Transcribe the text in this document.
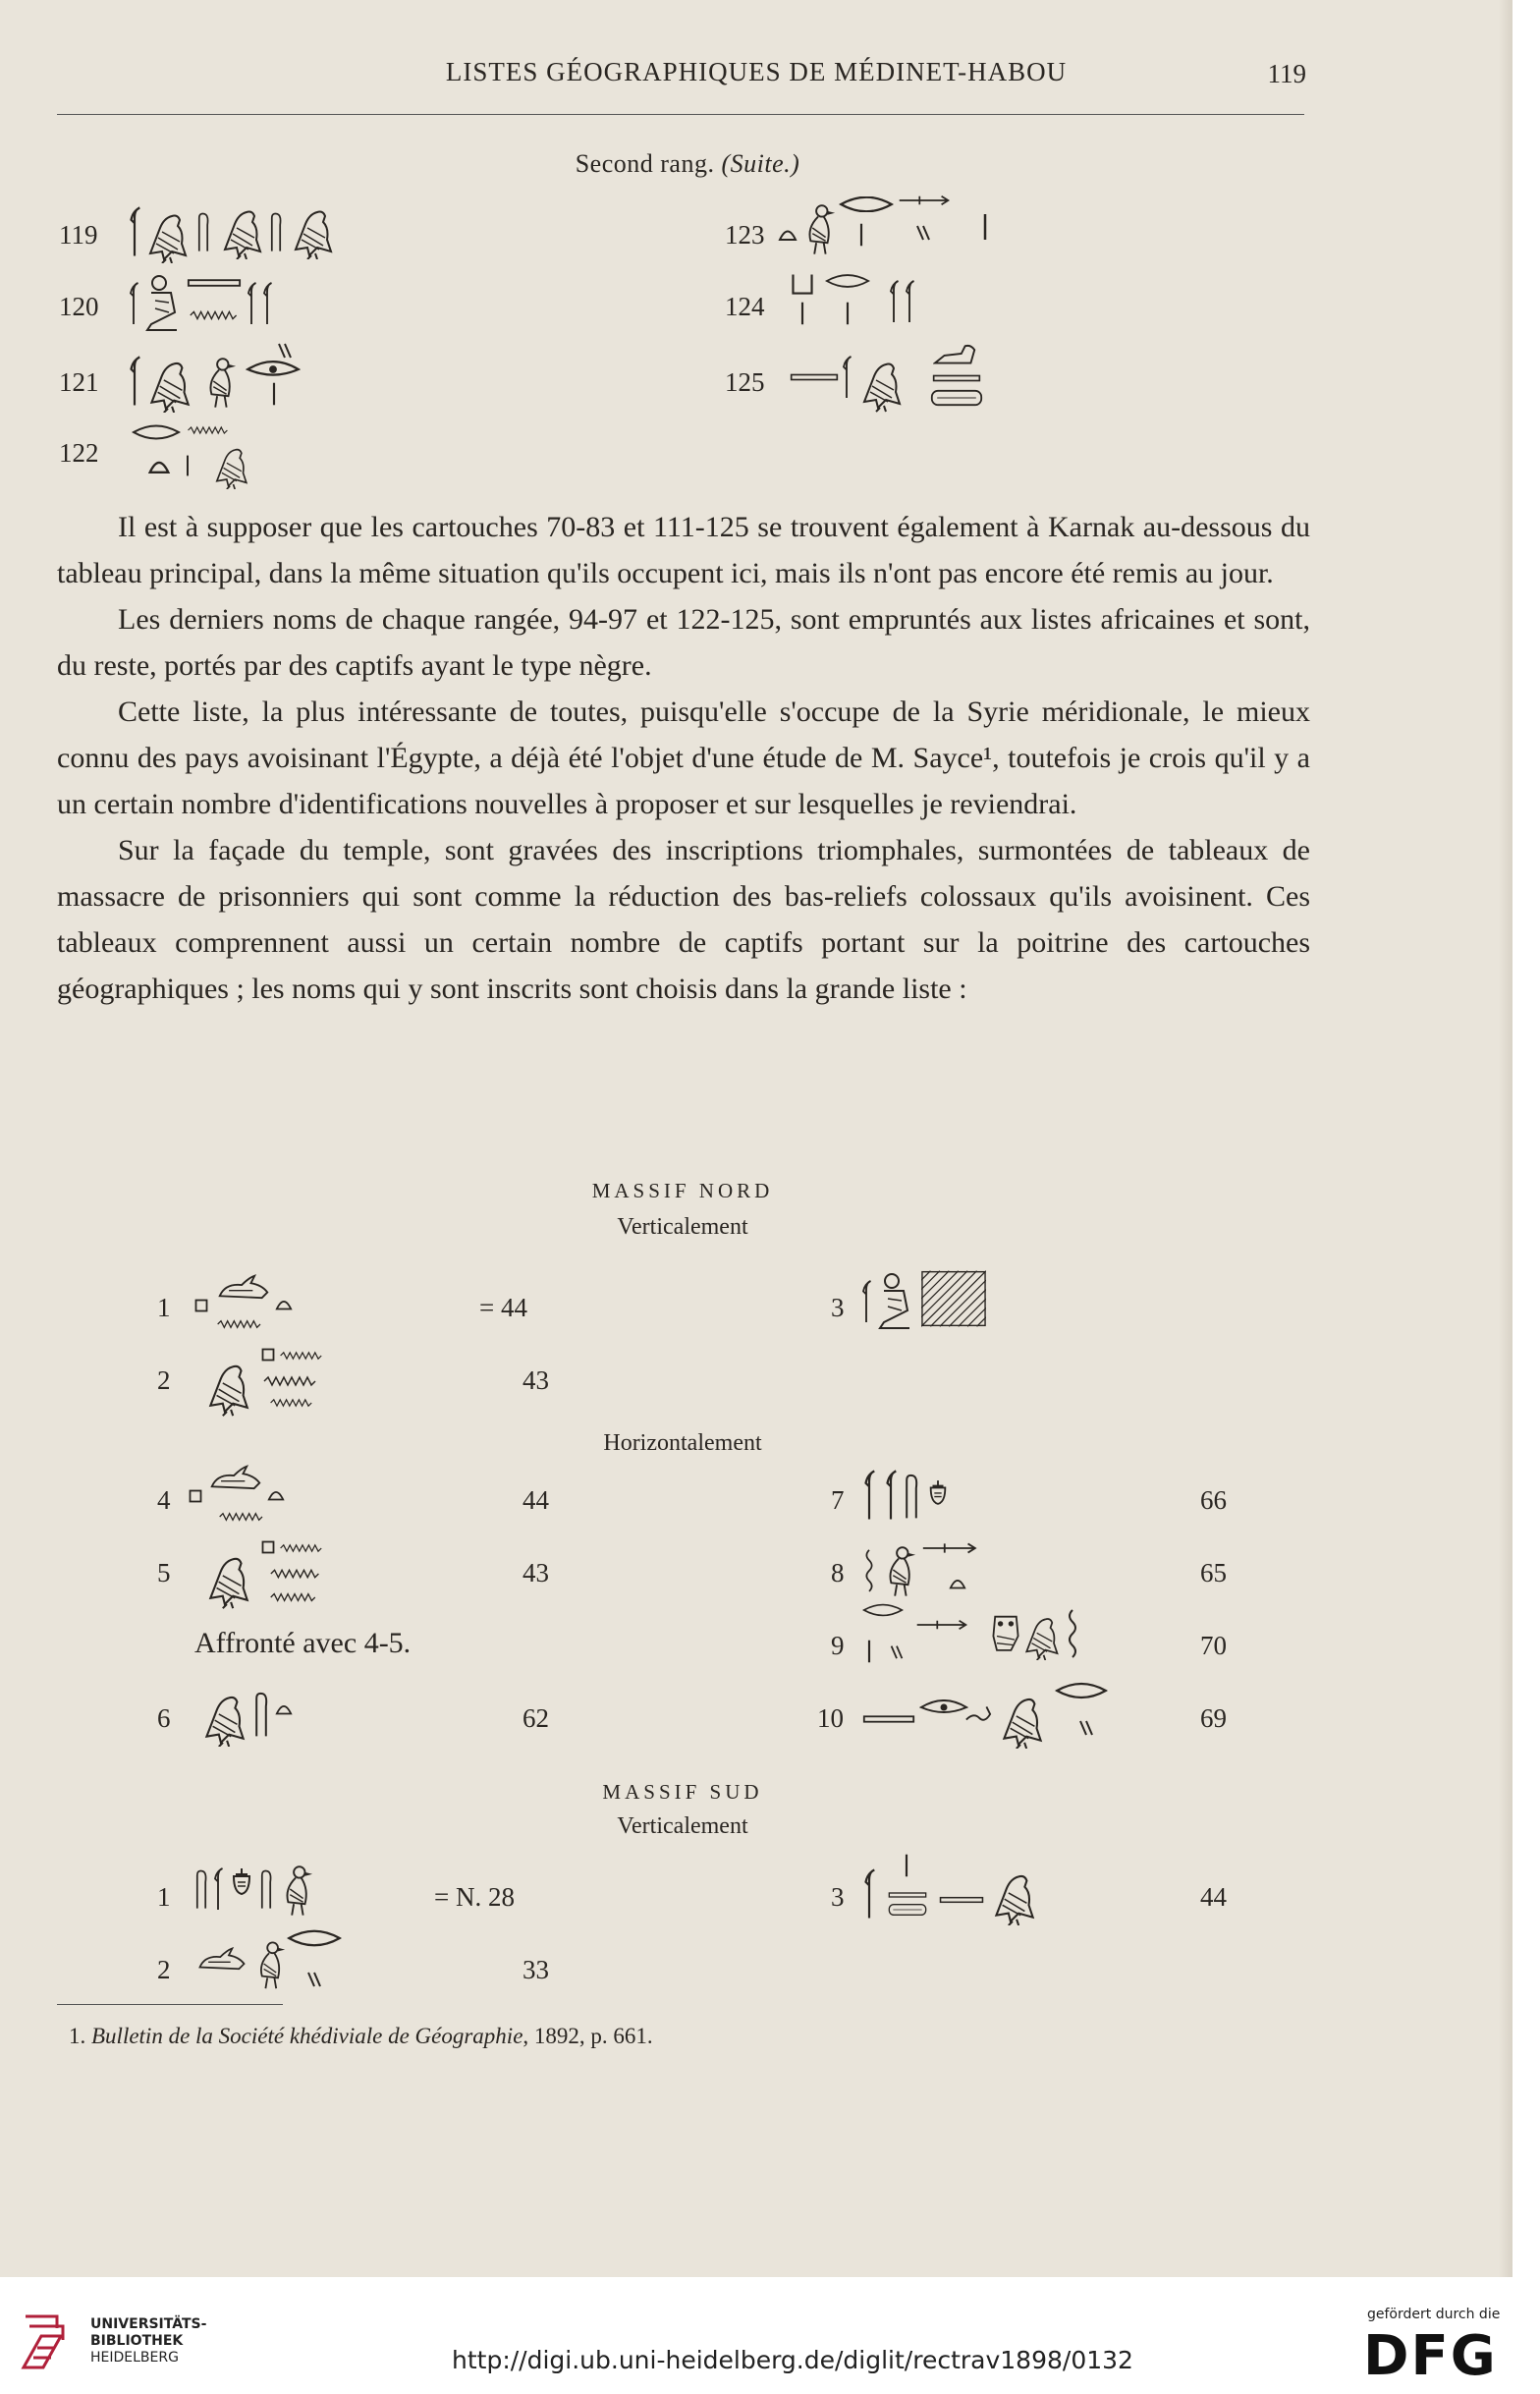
LISTES GÉOGRAPHIQUES DE MÉDINET-HABOU	119
Second rang. (Suite.)
119
120
121
122
123
124
125

Il est à supposer que les cartouches 70-83 et 111-125 se trouvent également à Karnak au-dessous du tableau principal, dans la même situation qu'ils occupent ici, mais ils n'ont pas encore été remis au jour.

Les derniers noms de chaque rangée, 94-97 et 122-125, sont empruntés aux listes africaines et sont, du reste, portés par des captifs ayant le type nègre.

Cette liste, la plus intéressante de toutes, puisqu'elle s'occupe de la Syrie méridionale, le mieux connu des pays avoisinant l'Égypte, a déjà été l'objet d'une étude de M. Sayce¹, toutefois je crois qu'il y a un certain nombre d'identifications nouvelles à proposer et sur lesquelles je reviendrai.

Sur la façade du temple, sont gravées des inscriptions triomphales, surmontées de tableaux de massacre de prisonniers qui sont comme la réduction des bas-reliefs colossaux qu'ils avoisinent. Ces tableaux comprennent aussi un certain nombre de captifs portant sur la poitrine des cartouches géographiques ; les noms qui y sont inscrits sont choisis dans la grande liste :

MASSIF NORD
Verticalement
1	= 44
2	43
3
Horizontalement
4	44
5	43
Affronté avec 4-5.
6	62
7	66
8	65
9	70
10	69
MASSIF SUD
Verticalement
1	= N. 28
2	33
3	44
1. Bulletin de la Société khédiviale de Géographie, 1892, p. 661.
UNIVERSITÄTS-
BIBLIOTHEK
HEIDELBERG	http://digi.ub.uni-heidelberg.de/diglit/rectrav1898/0132
gefördert durch die
DFG
